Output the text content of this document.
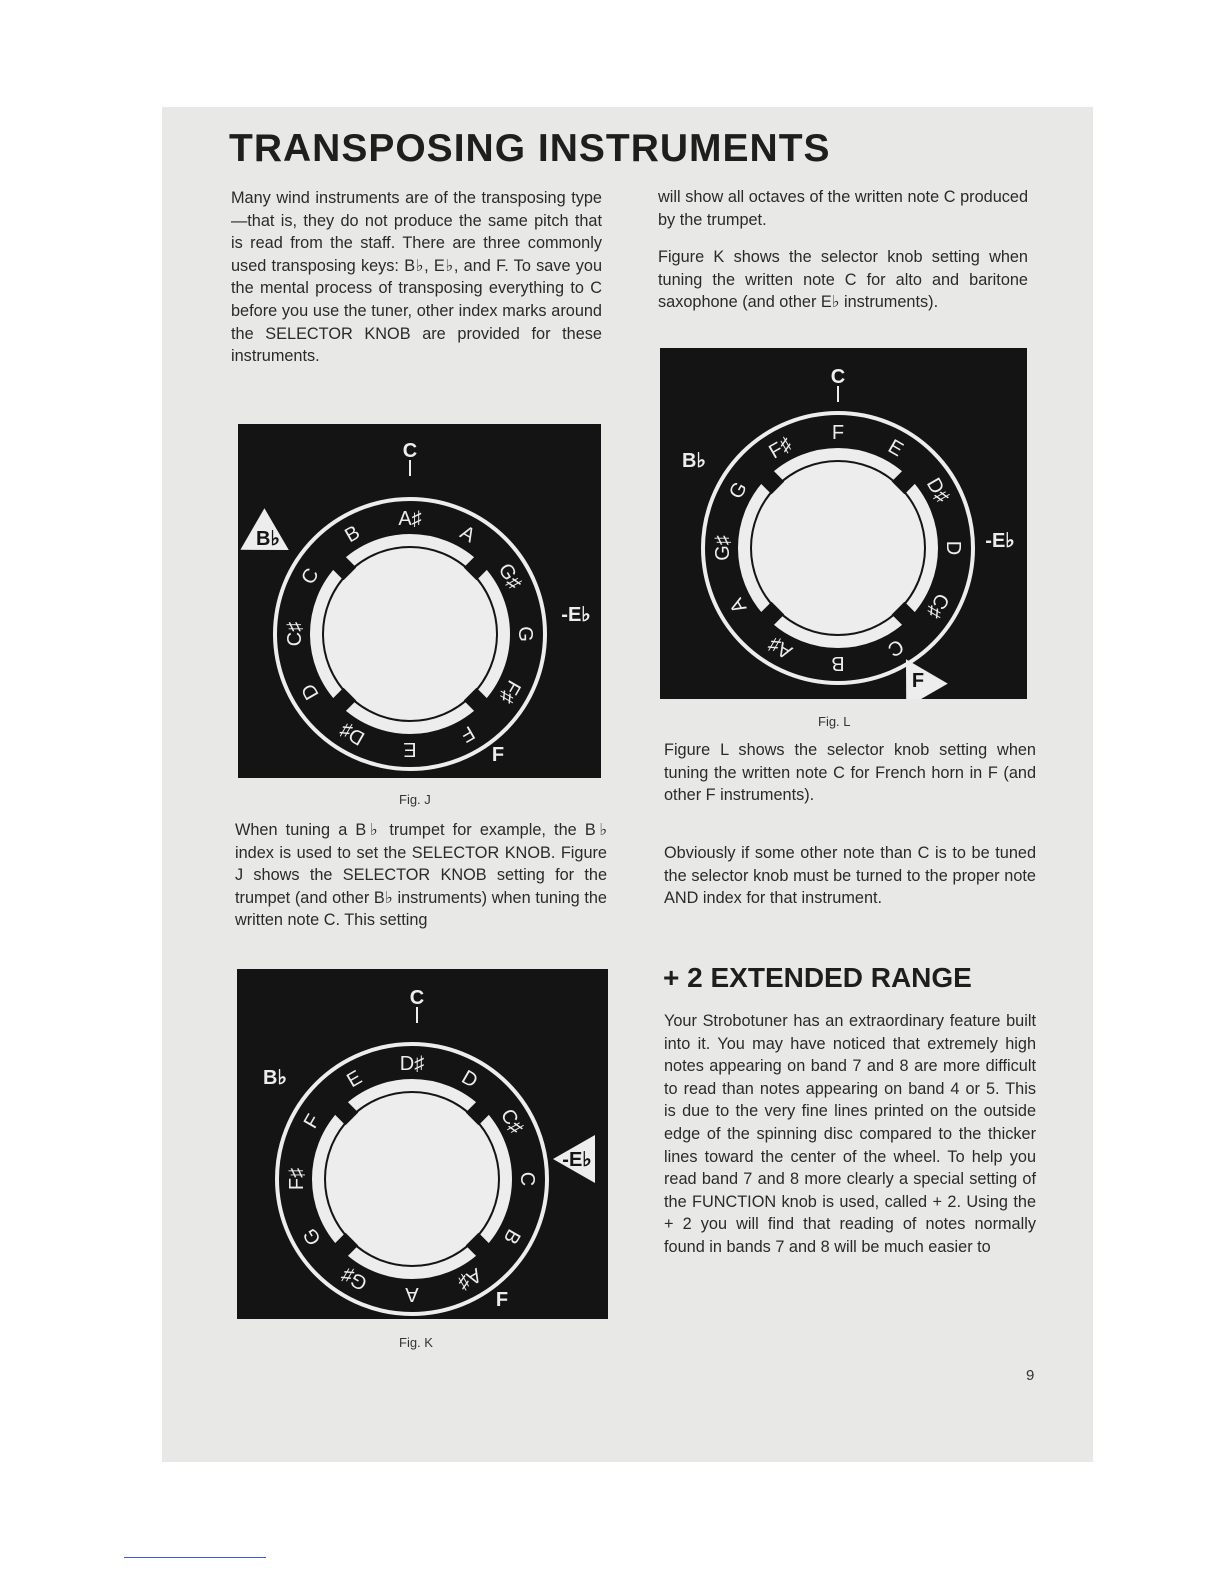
TRANSPOSING INSTRUMENTS

Many wind instruments are of the transposing type—that is, they do not produce the same pitch that is read from the staff. There are three commonly used transposing keys: B♭, E♭, and F. To save you the mental process of transposing everything to C before you use the tuner, other index marks around the SELECTOR KNOB are provided for these instruments.

A♯
A
G♯
G
F♯
F
E
D♯
D
C♯
C
B
C
B♭
-E♭
F

Fig. J

When tuning a B♭ trumpet for example, the B♭ index is used to set the SELECTOR KNOB. Figure J shows the SELECTOR KNOB setting for the trumpet (and other B♭ instruments) when tuning the written note C. This setting

D♯
D
C♯
C
B
A♯
A
G♯
G
F♯
F
E
C
B♭
-E♭
F

Fig. K

will show all octaves of the written note C produced by the trumpet.

Figure K shows the selector knob setting when tuning the written note C for alto and baritone saxophone (and other E♭ instruments).

F
E
D♯
D
C♯
C
B
A♯
A
G♯
G
F♯
C
B♭
-E♭
F

Fig. L

Figure L shows the selector knob setting when tuning the written note C for French horn in F (and other F instruments).

Obviously if some other note than C is to be tuned the selector knob must be turned to the proper note AND index for that instrument.

+ 2 EXTENDED RANGE

Your Strobotuner has an extraordinary feature built into it. You may have noticed that extremely high notes appearing on band 7 and 8 are more difficult to read than notes appearing on band 4 or 5. This is due to the very fine lines printed on the outside edge of the spinning disc compared to the thicker lines toward the center of the wheel. To help you read band 7 and 8 more clearly a special setting of the FUNCTION knob is used, called + 2. Using the + 2 you will find that reading of notes normally found in bands 7 and 8 will be much easier to

9
